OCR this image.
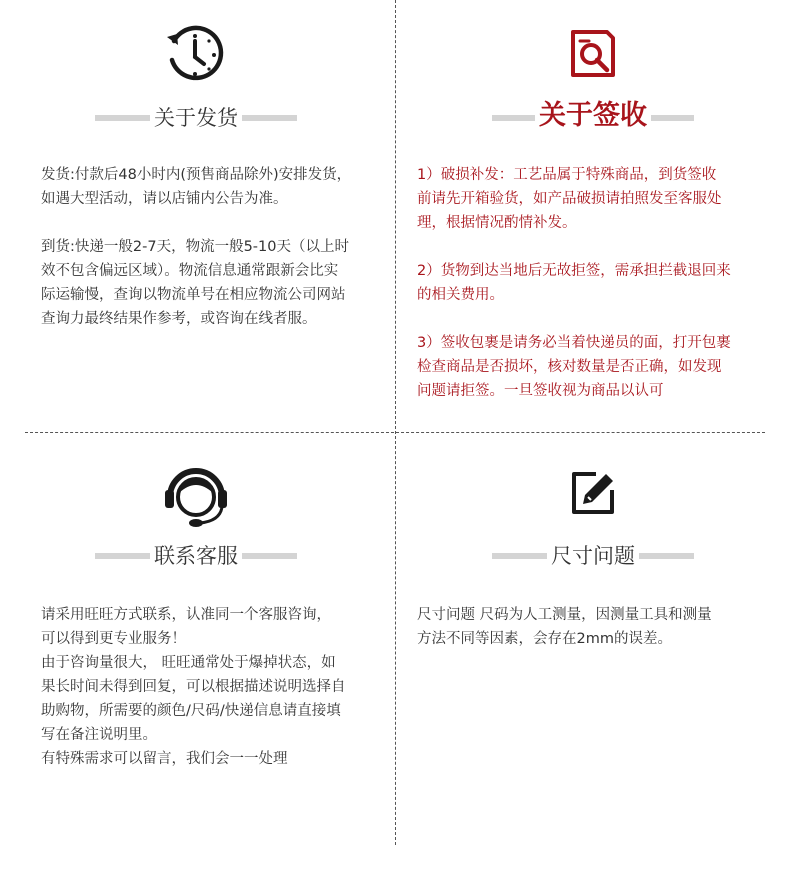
关于发货
发货:付款后48小时内(预售商品除外)安排发货，
如遇大型活动，请以店铺内公告为准。
到货:快递一般2-7天，物流一般5-10天（以上时
效不包含偏远区域）。物流信息通常跟新会比实
际运输慢，查询以物流单号在相应物流公司网站
查询力最终结果作参考，或咨询在线者服。
关于签收
1）破损补发：工艺品属于特殊商品，到货签收
前请先开箱验货，如产品破损请拍照发至客服处
理，根据情况酌情补发。
2）货物到达当地后无故拒签，需承担拦截退回来
的相关费用。
3）签收包裹是请务必当着快递员的面，打开包裹
检查商品是否损坏，核对数量是否正确，如发现
问题请拒签。一旦签收视为商品以认可
联系客服
请采用旺旺方式联系，认准同一个客服咨询，
可以得到更专业服务！
由于咨询量很大， 旺旺通常处于爆掉状态，如
果长时间未得到回复，可以根据描述说明选择自
助购物，所需要的颜色/尺码/快递信息请直接填
写在备注说明里。
有特殊需求可以留言，我们会一一处理
尺寸问题
尺寸问题 尺码为人工测量，因测量工具和测量
方法不同等因素，会存在2mm的误差。
